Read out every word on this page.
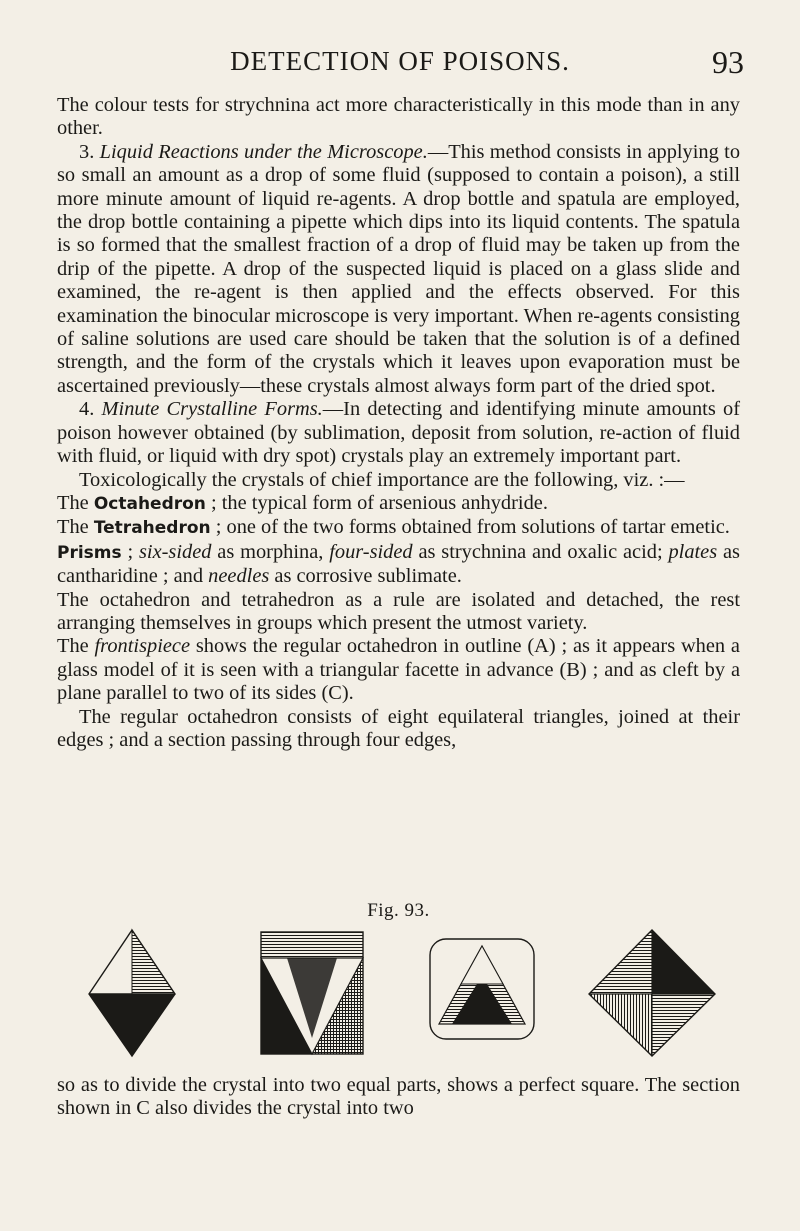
DETECTION OF POISONS.	93

The colour tests for strychnina act more characteristically in this mode than in any other.

3. Liquid Reactions under the Microscope.—This method consists in applying to so small an amount as a drop of some fluid (supposed to contain a poison), a still more minute amount of liquid re-agents. A drop bottle and spatula are employed, the drop bottle containing a pipette which dips into its liquid contents. The spatula is so formed that the smallest fraction of a drop of fluid may be taken up from the drip of the pipette. A drop of the suspected liquid is placed on a glass slide and examined, the re-agent is then applied and the effects observed. For this examination the binocular microscope is very important. When re-agents consisting of saline solutions are used care should be taken that the solution is of a defined strength, and the form of the crystals which it leaves upon evaporation must be ascertained previously—these crystals almost always form part of the dried spot.

4. Minute Crystalline Forms.—In detecting and identifying minute amounts of poison however obtained (by sublimation, deposit from solution, re-action of fluid with fluid, or liquid with dry spot) crystals play an extremely important part.

Toxicologically the crystals of chief importance are the following, viz. :—

The Octahedron ; the typical form of arsenious anhydride.

The Tetrahedron ; one of the two forms obtained from solutions of tartar emetic.

Prisms ; six-sided as morphina, four-sided as strychnina and oxalic acid; plates as cantharidine ; and needles as corrosive sublimate.

The octahedron and tetrahedron as a rule are isolated and detached, the rest arranging themselves in groups which present the utmost variety.

The frontispiece shows the regular octahedron in outline (A) ; as it appears when a glass model of it is seen with a triangular facette in advance (B) ; and as cleft by a plane parallel to two of its sides (C).

The regular octahedron consists of eight equilateral triangles, joined at their edges ; and a section passing through four edges,

Fig. 93.

so as to divide the crystal into two equal parts, shows a perfect square. The section shown in C also divides the crystal into two
